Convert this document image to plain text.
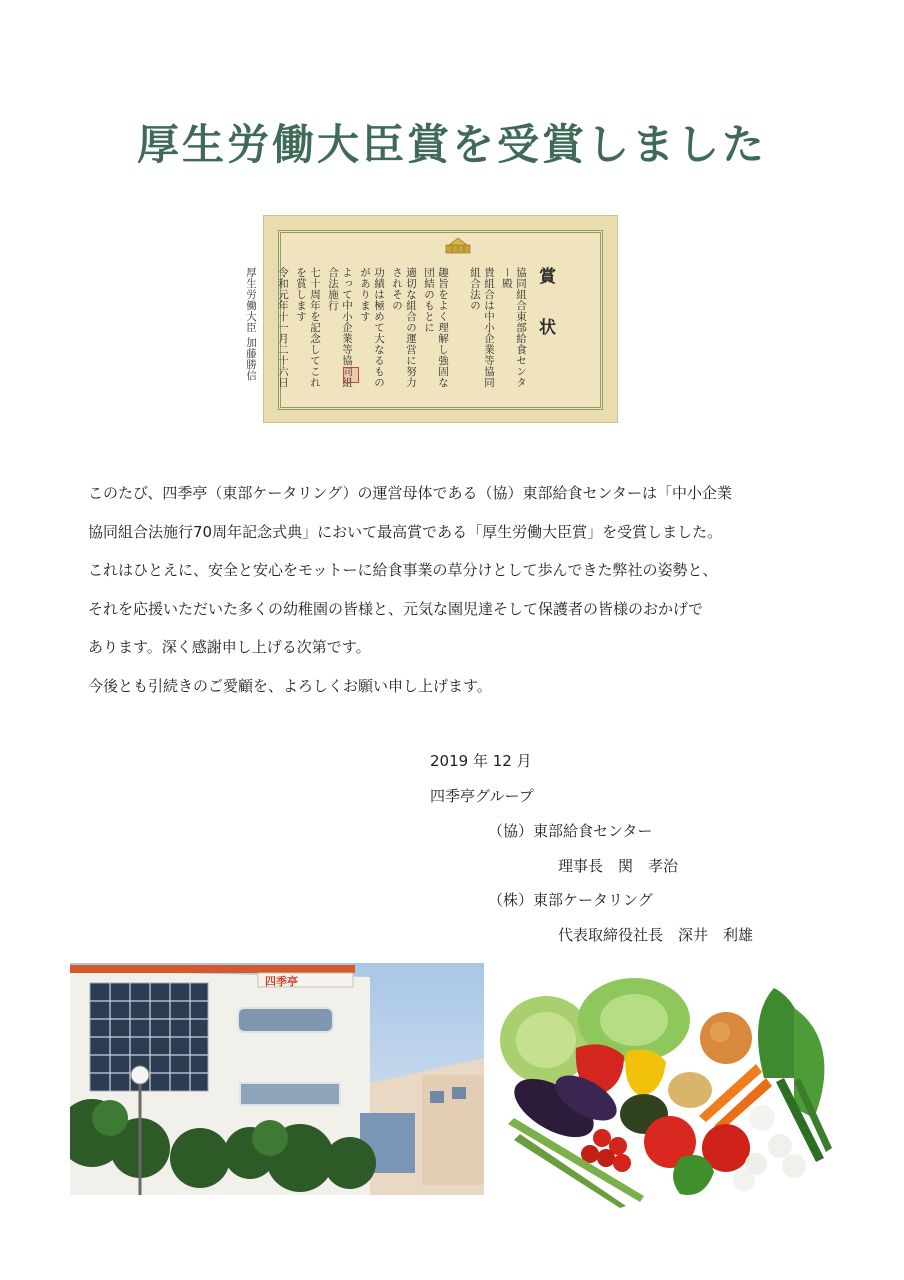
厚生労働大臣賞を受賞しました
賞 状
協同組合東部給食センター殿
貴組合は中小企業等協同組合法の
趣旨をよく理解し強固な団結のもとに
適切な組合の運営に努力されその
功績は極めて大なるものがあります
よって中小企業等協同組合法施行
七十周年を記念してこれを賞します
令和元年十一月二十六日
厚生労働大臣 加藤勝信

このたび、四季亭（東部ケータリング）の運営母体である（協）東部給食センターは「中小企業

協同組合法施行70周年記念式典」において最高賞である「厚生労働大臣賞」を受賞しました。

これはひとえに、安全と安心をモットーに給食事業の草分けとして歩んできた弊社の姿勢と、

それを応援いただいた多くの幼稚園の皆様と、元気な園児達そして保護者の皆様のおかげで

あります。深く感謝申し上げる次第です。

今後とも引続きのご愛顧を、よろしくお願い申し上げます。

2019 年 12 月
四季亭グループ
（協）東部給食センター
理事長　関　孝治
（株）東部ケータリング
代表取締役社長　深井　利雄
四季亭
